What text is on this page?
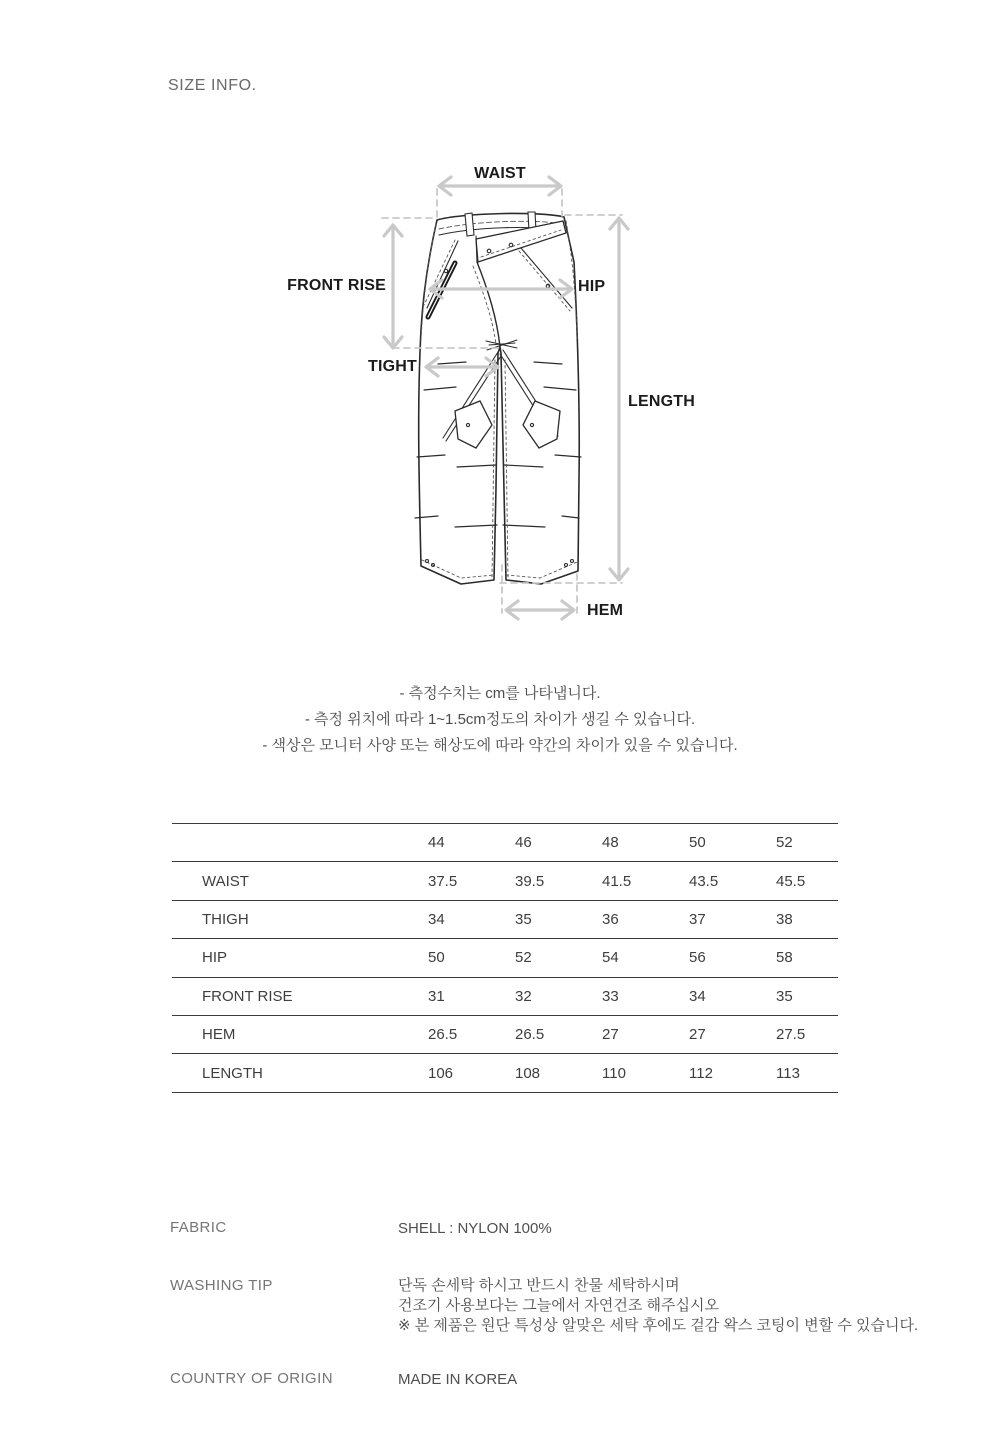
SIZE INFO.
WAIST
FRONT RISE	HIP
TIGHT
LENGTH
HEM
- 측정수치는 cm를 나타냅니다.
- 측정 위치에 따라 1~1.5cm정도의 차이가 생길 수 있습니다.
- 색상은 모니터 사양 또는 해상도에 따라 약간의 차이가 있을 수 있습니다.
	44	46	48	50	52
WAIST	37.5	39.5	41.5	43.5	45.5
THIGH	34	35	36	37	38
HIP	50	52	54	56	58
FRONT RISE	31	32	33	34	35
HEM	26.5	26.5	27	27	27.5
LENGTH	106	108	110	112	113
FABRIC	SHELL : NYLON 100%
WASHING TIP	단독 손세탁 하시고 반드시 찬물 세탁하시며
건조기 사용보다는 그늘에서 자연건조 해주십시오
※ 본 제품은 원단 특성상 알맞은 세탁 후에도 겉감 왁스 코팅이 변할 수 있습니다.
COUNTRY OF ORIGIN	MADE IN KOREA
